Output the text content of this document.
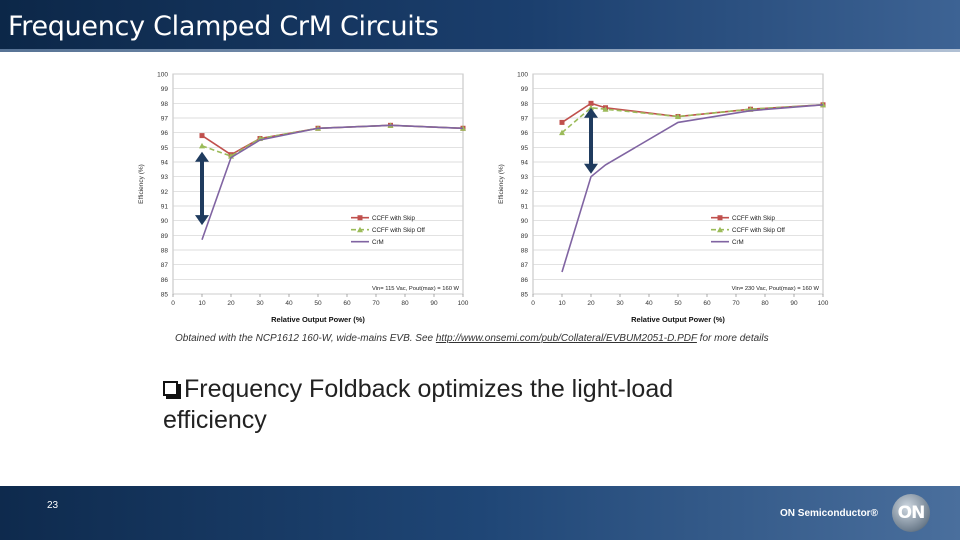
Frequency Clamped CrM Circuits
85
86
87
88
89
90
91
92
93
94
95
96
97
98
99
100
0	10	20	30	40	50	60	70	80	90	100
Relative Output Power (%)
Efficiency (%)
CCFF with Skip
CCFF with Skip Off
CrM
Vin= 115 Vac, Pout(max) = 160 W
85
86
87
88
89
90
91
92
93
94
95
96
97
98
99
100
0	10	20	30	40	50	60	70	80	90	100
Relative Output Power (%)
Efficiency (%)
CCFF with Skip
CCFF with Skip Off
CrM
Vin= 230 Vac, Pout(max) = 160 W
Obtained with the NCP1612 160-W, wide-mains EVB. See http://www.onsemi.com/pub/Collateral/EVBUM2051-D.PDF for more details
Frequency Foldback optimizes the light-load efficiency
23
ON Semiconductor® ON
